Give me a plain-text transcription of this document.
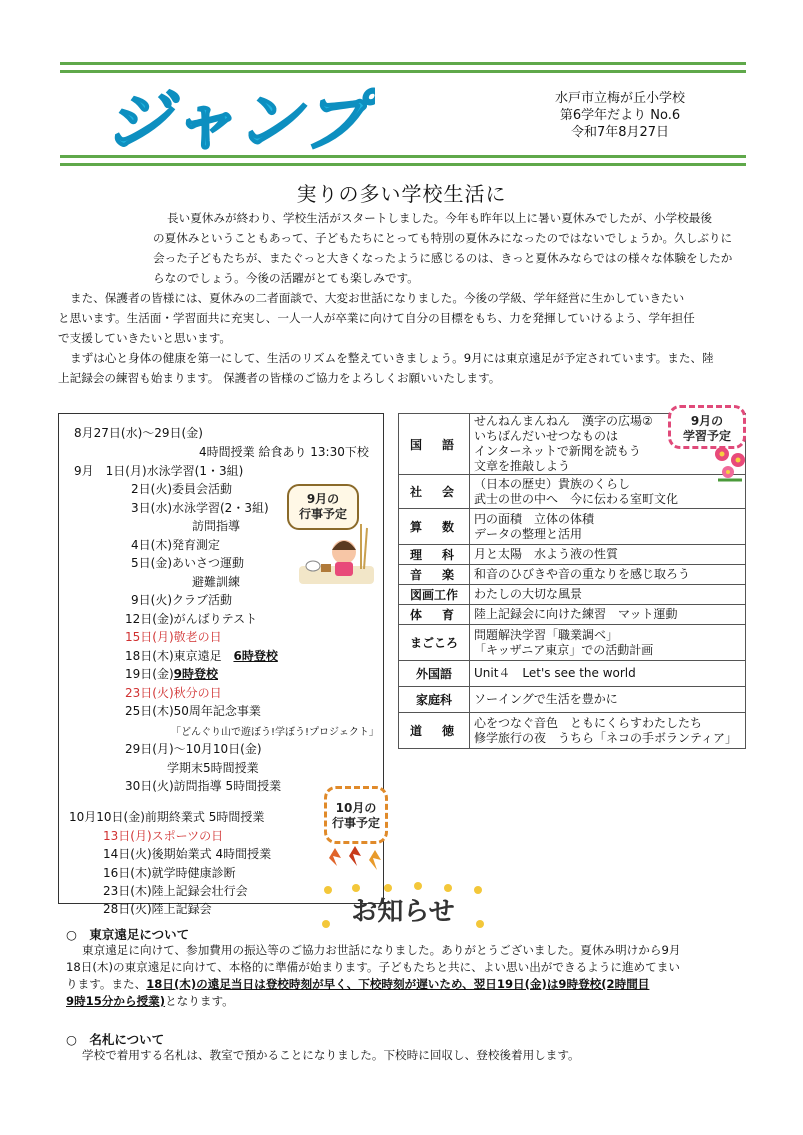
ジャンプ	水戸市立梅が丘小学校
第6学年だより No.6
令和7年8月27日
実りの多い学校生活に

長い夏休みが終わり、学校生活がスタートしました。今年も昨年以上に暑い夏休みでしたが、小学校最後

の夏休みということもあって、子どもたちにとっても特別の夏休みになったのではないでしょうか。久しぶりに

会った子どもたちが、またぐっと大きくなったように感じるのは、きっと夏休みならではの様々な体験をしたか

らなのでしょう。今後の活躍がとても楽しみです。

また、保護者の皆様には、夏休みの二者面談で、大変お世話になりました。今後の学級、学年経営に生かしていきたい

と思います。生活面・学習面共に充実し、一人一人が卒業に向けて自分の目標をもち、力を発揮していけるよう、学年担任

で支援していきたいと思います。

まずは心と身体の健康を第一にして、生活のリズムを整えていきましょう。9月には東京遠足が予定されています。また、陸

上記録会の練習も始まります。 保護者の皆様のご協力をよろしくお願いいたします。

8月27日(水)～29日(金)
4時間授業 給食あり 13:30下校
9月　1日(月)水泳学習(1・3組)
2日(火)委員会活動
3日(水)水泳学習(2・3組)
訪問指導
4日(木)発育測定
5日(金)あいさつ運動
避難訓練
9日(火)クラブ活動
12日(金)がんばりテスト
15日(月)敬老の日
18日(木)東京遠足 6時登校
19日(金)9時登校
23日(火)秋分の日
25日(木)50周年記念事業
「どんぐり山で遊ぼう!学ぼう!プロジェクト」
29日(月)～10月10日(金)
学期末5時間授業
30日(火)訪問指導 5時間授業
10月10日(金)前期終業式 5時間授業
13日(月)スポーツの日
14日(火)後期始業式 4時間授業
16日(木)就学時健康診断
23日(木)陸上記録会壮行会
28日(火)陸上記録会
9月の
行事予定
10月の
行事予定
国　語	せんねんまんねん　漢字の広場②
いちばんだいせつなものは
インターネットで新聞を読もう
文章を推敲しよう

社　会	（日本の歴史）貴族のくらし
武士の世の中へ　今に伝わる室町文化

算　数	円の面積　立体の体積
データの整理と活用

理　科	月と太陽　水よう液の性質

音　楽	和音のひびきや音の重なりを感じ取ろう

図画工作	わたしの大切な風景

体　育	陸上記録会に向けた練習　マット運動

まごころ	問題解決学習「職業調べ」
「キッザニア東京」での活動計画

外国語	Unit４　Let's see the world

家庭科	ソーイングで生活を豊かに

道　徳	心をつなぐ音色　ともにくらすわたしたち
修学旅行の夜　うちら「ネコの手ボランティア」
9月の
学習予定
お知らせ
○　東京遠足について

東京遠足に向けて、参加費用の振込等のご協力お世話になりました。ありがとうございました。夏休み明けから9月

18日(木)の東京遠足に向けて、本格的に準備が始まります。子どもたちと共に、よい思い出ができるように進めてまい

ります。また、18日(木)の遠足当日は登校時刻が早く、下校時刻が遅いため、翌日19日(金)は9時登校(2時間目

9時15分から授業)となります。

○　名札について

学校で着用する名札は、教室で預かることになりました。下校時に回収し、登校後着用します。
